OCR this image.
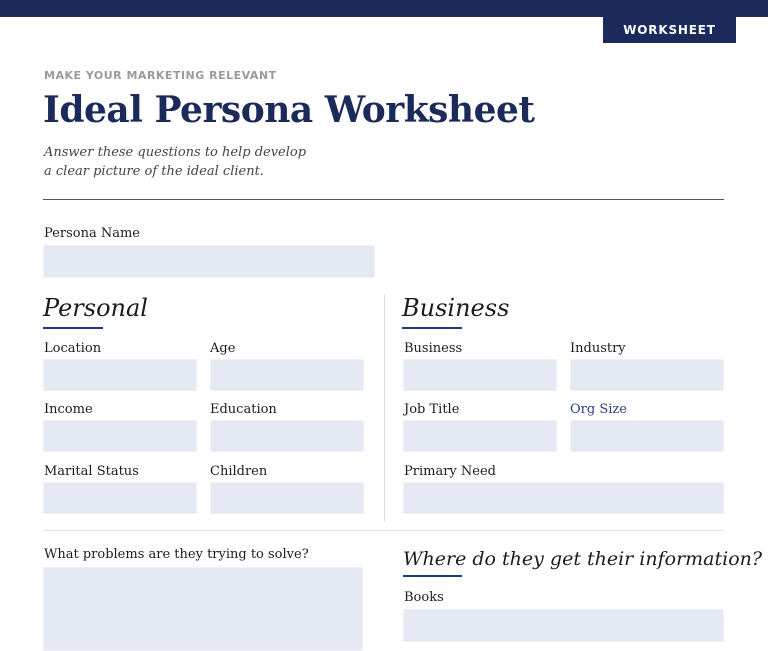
WORKSHEET
MAKE YOUR MARKETING RELEVANT
Ideal Persona Worksheet
Answer these questions to help develop
a clear picture of the ideal client.
Persona Name
Personal
Location	Age
Income	Education
Marital Status	Children
Business
Business	Industry
Job Title	Org Size
Primary Need
What problems are they trying to solve?	Where do they get their information?
Books
